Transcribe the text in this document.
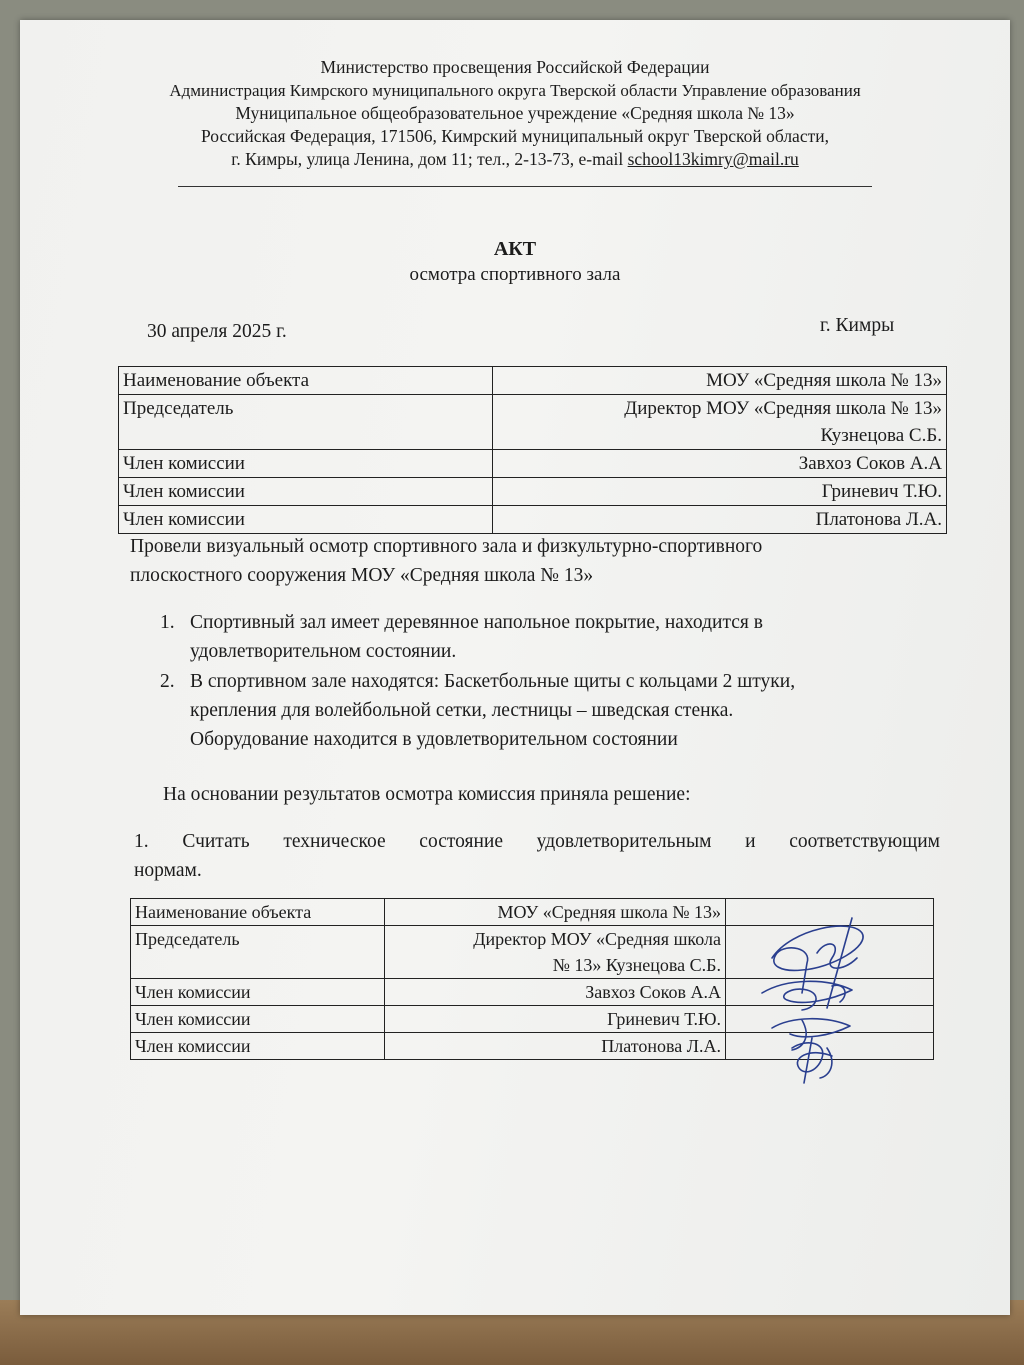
Министерство просвещения Российской Федерации
Администрация Кимрского муниципального округа Тверской области Управление образования
Муниципальное общеобразовательное учреждение «Средняя школа № 13»
Российская Федерация, 171506, Кимрский муниципальный округ Тверской области,
г. Кимры, улица Ленина, дом 11; тел., 2-13-73, e-mail school13kimry@mail.ru
АКТ
осмотра спортивного зала
30 апреля 2025 г.	г. Кимры
Наименование объекта	МОУ «Средняя школа № 13»
Председатель	Директор МОУ «Средняя школа № 13»
Кузнецова С.Б.

Член комиссии	Завхоз Соков А.А
Член комиссии	Гриневич Т.Ю.
Член комиссии	Платонова Л.А.
Провели визуальный осмотр спортивного зала и физкультурно-спортивного
плоскостного сооружения МОУ «Средняя школа № 13»
1. Спортивный зал имеет деревянное напольное покрытие, находится в
удовлетворительном состоянии.
2. В спортивном зале находятся: Баскетбольные щиты с кольцами 2 штуки,
крепления для волейбольной сетки, лестницы – шведская стенка.
Оборудование находится в удовлетворительном состоянии
На основании результатов осмотра комиссия приняла решение:
1. Считать техническое состояние удовлетворительным и соответствующим
нормам.
Наименование объекта	МОУ «Средняя школа № 13»	
Председатель	Директор МОУ «Средняя школа
№ 13» Кузнецова С.Б.	

Член комиссии	Завхоз Соков А.А	
Член комиссии	Гриневич Т.Ю.	
Член комиссии	Платонова Л.А.	
